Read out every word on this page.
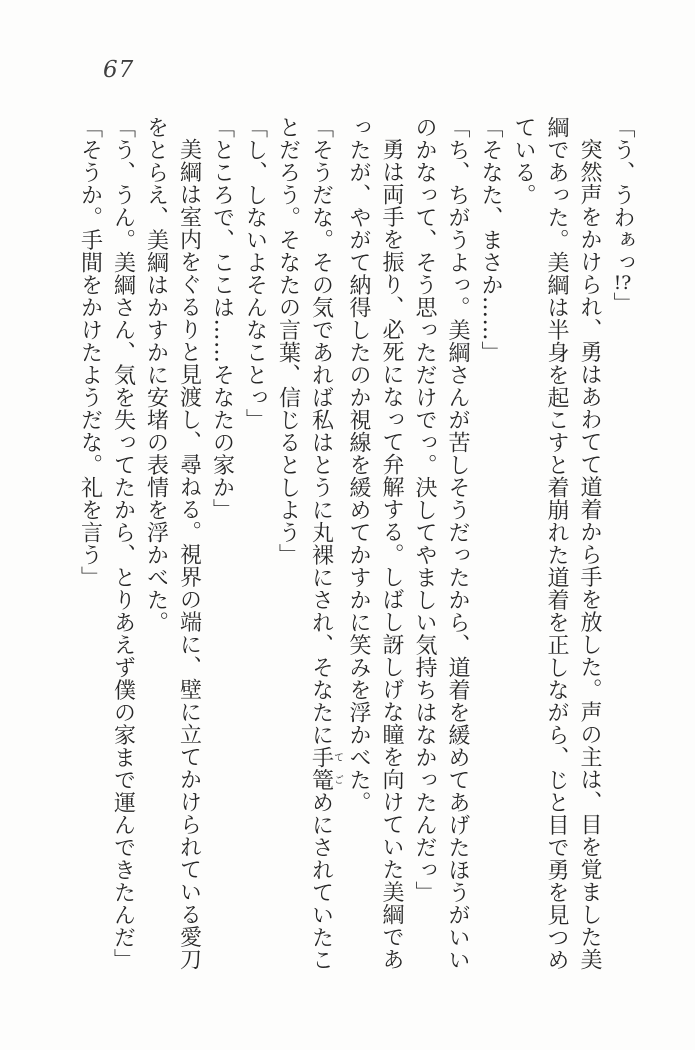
67

「う、うわぁっ!?」

突然声をかけられ、勇はあわてて道着から手を放した。声の主は、目を覚ました美綱であった。美綱は半身を起こすと着崩れた道着を正しながら、じと目で勇を見つめている。

「そなた、まさか……」

「ち、ちがうよっ。美綱さんが苦しそうだったから、道着を緩めてあげたほうがいいのかなって、そう思っただけでっ。決してやましい気持ちはなかったんだっ」

勇は両手を振り、必死になって弁解する。しばし訝しげな瞳を向けていた美綱であったが、やがて納得したのか視線を緩めてかすかに笑みを浮かべた。

「そうだな。その気であれば私はとうに丸裸にされ、そなたに手篭てごめにされていたことだろう。そなたの言葉、信じるとしよう」

「し、しないよそんなことっ」

「ところで、ここは……そなたの家か」

美綱は室内をぐるりと見渡し、尋ねる。視界の端に、壁に立てかけられている愛刀をとらえ、美綱はかすかに安堵の表情を浮かべた。

「う、うん。美綱さん、気を失ってたから、とりあえず僕の家まで運んできたんだ」

「そうか。手間をかけたようだな。礼を言う」
